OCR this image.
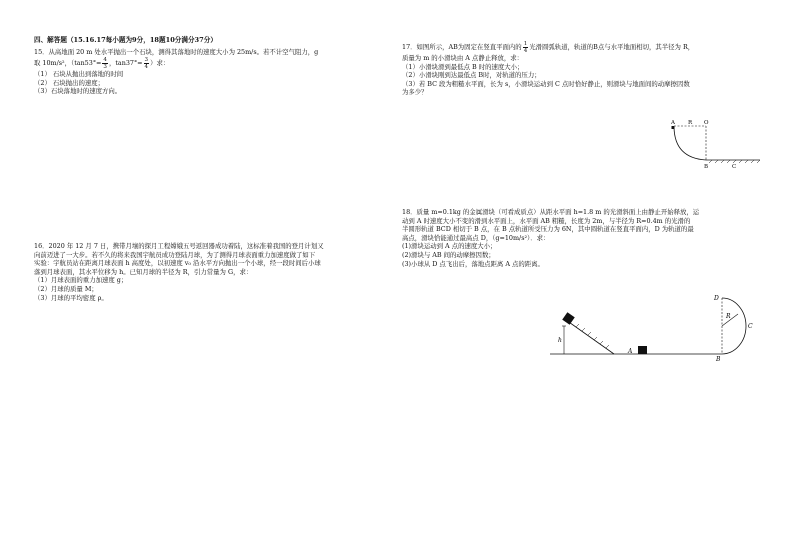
四、解答题（15.16.17每小题为9分，18题10分满分37分）
15．从高地面 20 m 处水平抛出一个石块，测得其落地时的速度大小为 25m/s。若不计空气阻力，g
取 10m/s²，（$\tan 53^\circ= \frac{4}{3}$ ，$\tan 37^\circ= \frac{3}{4}$ ）求：
（1） 石块从抛出到落地的时间
（2） 石块抛出的速度；
（3）石块落地时的速度方向。
16．2020 年 12 月 7 日，携带月壤的探月工程嫦娥五号返回器成功着陆，这标准着我国的登月计划又
向前迈进了一大步。若不久的将来我国宇航员成功登陆月球，为了测得月球表面重力加速度做了如下
实验：宇航员站在距离月球表面 h 高度处，以初速度 v₀ 沿水平方向抛出一个小球，经一段时间后小球
落到月球表面，其水平位移为 h。已知月球的半径为 R，引力常量为 G，求：
（1）月球表面的重力加速度 g；
（2）月球的质量 M；
（3）月球的平均密度 ρ。
17．如图所示，AB为固定在竖直平面内的 $\frac{1}{4}$ 光滑圆弧轨道，轨道的B点与水平地面相切，其半径为 R，
质量为 m 的小滑块由 A 点静止释放，求：
（1）小滑块滑到最低点 B 时的速度大小；
（2）小滑块刚到达最低点 B时，对轨道的压力；
（3）若 BC 段为粗糙水平面，长为 s，小滑块运动到 C 点时恰好静止，则滑块与地面间的动摩擦因数
为多少？
A R O
B	C
18．质量 m=0.1kg 的金属滑块（可看成质点）从距水平面 h=1.8 m 的光滑斜面上由静止开始释放，运
动到 A 时速度大小不变的滑到水平面上，水平面 AB 粗糙，长度为 2m，与半径为 R=0.4m 的光滑的
半圆形轨道 BCD 相切于 B 点，在 B 点轨道所受压力为 6N，其中圆轨道在竖直平面内，D 为轨道的最
高点，滑块恰能通过最高点 D，（g=10m/s²）．求：
(1)滑块运动到 A 点的速度大小；
(2)滑块与 AB 间的动摩擦因数；
(3)小球从 D 点飞出后，落地点距离 A 点的距离。
h
A
B
C
D
R
